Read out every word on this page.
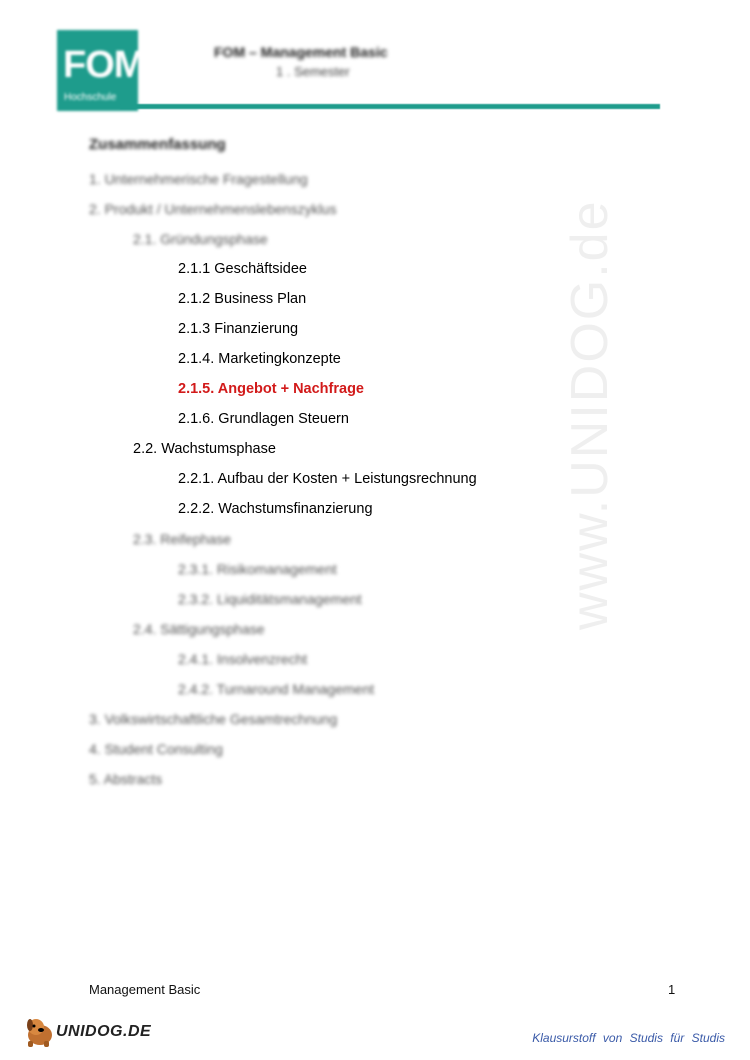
FOM
Hochschule
FOM – Management Basic
1 . Semester
www.UNIDOG.de
Zusammenfassung
1. Unternehmerische Fragestellung
2. Produkt / Unternehmenslebenszyklus
2.1. Gründungsphase
2.1.1 Geschäftsidee
2.1.2 Business Plan
2.1.3 Finanzierung
2.1.4. Marketingkonzepte
2.1.5. Angebot + Nachfrage
2.1.6. Grundlagen Steuern
2.2. Wachstumsphase
2.2.1. Aufbau der Kosten + Leistungsrechnung
2.2.2. Wachstumsfinanzierung
2.3. Reifephase
2.3.1. Risikomanagement
2.3.2. Liquiditätsmanagement
2.4. Sättigungsphase
2.4.1. Insolvenzrecht
2.4.2. Turnaround Management
3. Volkswirtschaftliche Gesamtrechnung
4. Student Consulting
5. Abstracts
Management Basic	1
UNIDOG.DE	Klausurstoff von Studis für Studis
